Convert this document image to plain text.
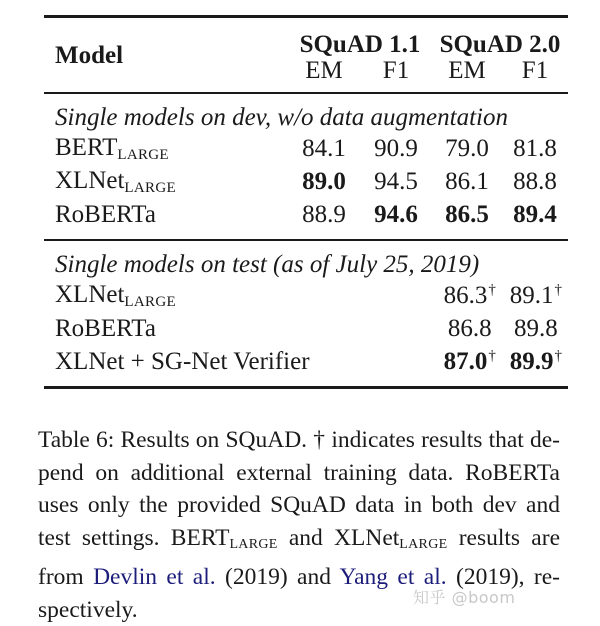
Model	SQuAD 1.1		SQuAD 2.0	
	EM	F1	EM	F1
Single models on dev, w/o data augmentation				
$BERT_{LARGE}$	84.1	90.9	79.0	81.8
XLNet$_{LARGE}$	89.0	94.5	86.1	88.8
RoBERTa	88.9	94.6	86.5	89.4

Single models on test (as of July 25, 2019)				
XLNet$_{LARGE}$			86.3†	89.1†
RoBERTa			86.8	89.8
XLNet + SG-Net Verifier			87.0†	89.9†

Table 6: Results on SQuAD. † indicates results that de- pend on additional external training data. RoBERTa uses only the provided SQuAD data in both dev and test settings. $BERT_{LARGE}$ and XLNet$_{LARGE}$ results are from Devlin et al. (2019) and Yang et al. (2019), re- spectively.	知乎 @boom
